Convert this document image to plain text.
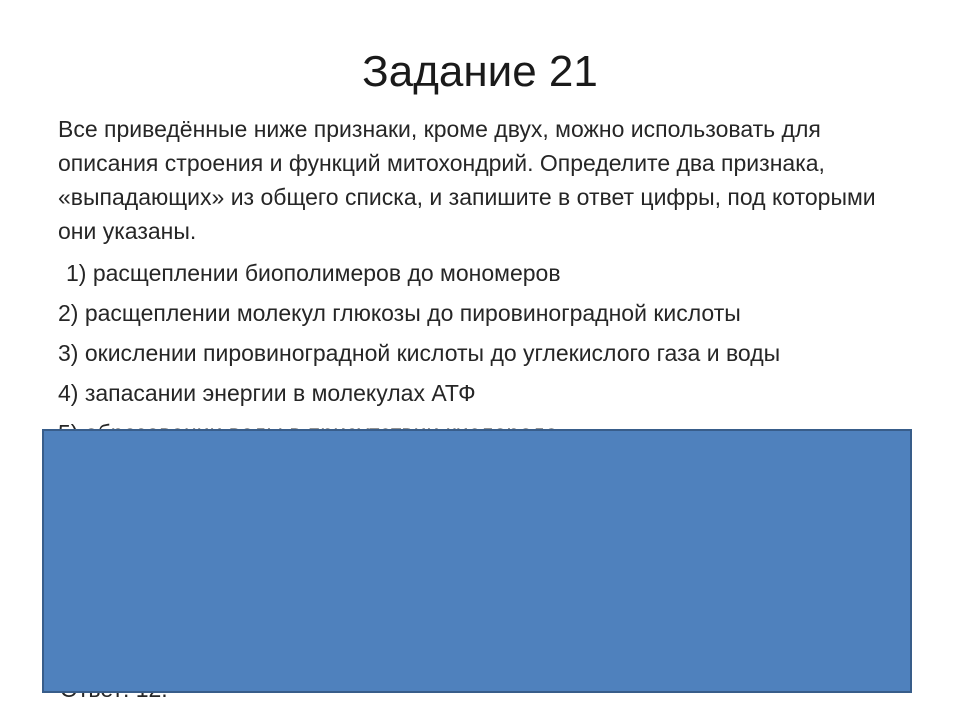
Задание 21

Все приведённые ниже признаки, кроме двух, можно использовать для описания строения и функций митохондрий. Определите два признака, «выпадающих» из общего списка, и запишите в ответ цифры, под которыми они указаны.

1) расщеплении биополимеров до мономеров

2) расщеплении молекул глюкозы до пировиноградной кислоты

3) окислении пировиноградной кислоты до углекислого газа и воды

4) запасании энергии в молекулах АТФ
